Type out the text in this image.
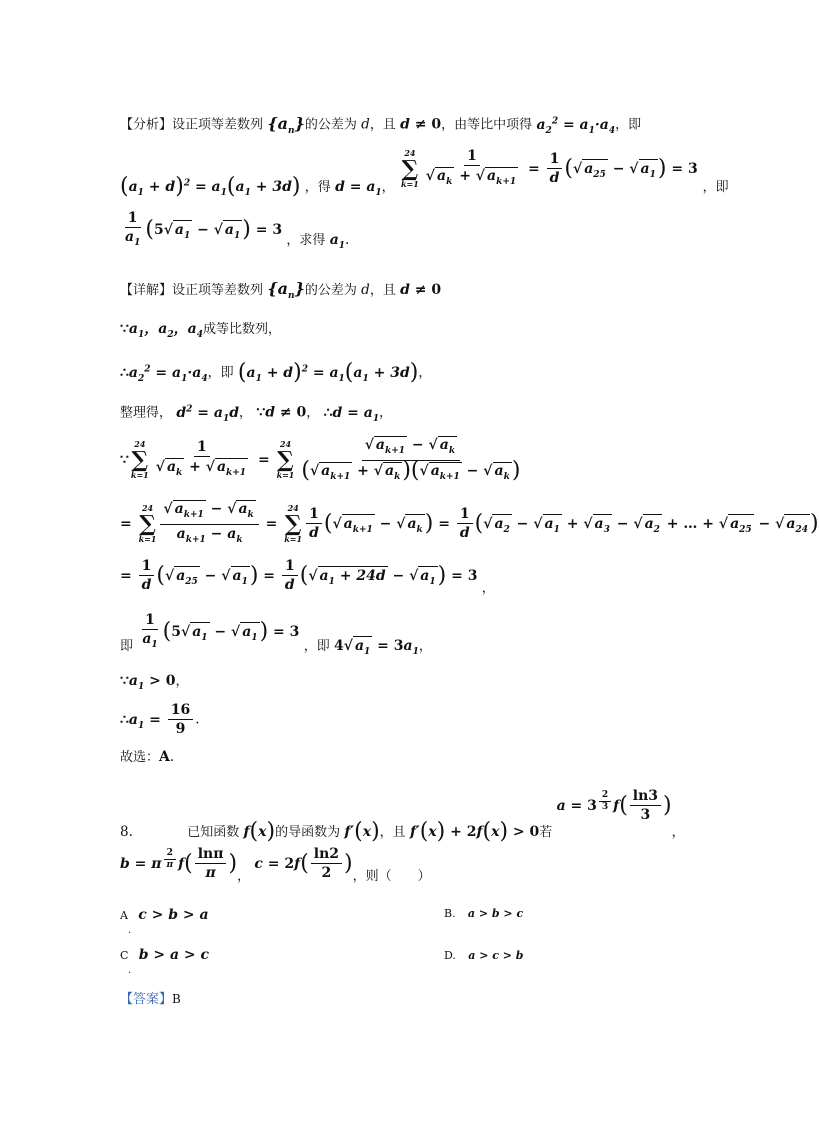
【分析】设正项等差数列 $\{a_n\}$的公差为 d，且 d ≠ 0，由等比中项得 $a_2^2 = a_1\cdot a_4$，即
$(a_1 + d)^2 = a_1(a_1 + 3d)$ ，得 $d = a_1$，
24
∑
$k=1 \frac{1}{√ a_k + √ a_{k+1}} = \frac{1}{d}$ (√ $a_{25}$ − √ $a_1) = 3$ ，即
$\frac{1}{a_1} (5√$ $a_1$ − √ $a_1) = 3$ ，求得 $a_1$.
【详解】设正项等差数列 $\{a_n\}$的公差为 d，且 d ≠ 0
$\because a_1$，$a_2$，$a_4$成等比数列，
$\therefore a_2^2 = a_1\cdot a_4$，即 $(a_1 + d)^2 = a_1(a_1 + 3d)$，
整理得， $d^2 = a_1d$， ∵d ≠ 0， ∴d = $a_1$，
∵
24
∑
$k=1 \frac{1}{√ a_k + √ a_{k+1}}$ =
24
∑
$k=1 \frac{√ a_{k+1} - √ a_k}{(√ a_{k+1} + √ a_k)(√ a_{k+1} - √ a_k)}$
=
24
∑
$k=1 \frac{√ a_{k+1} - √ a_k}{a_{k+1} - a_k}$ =
24
∑
$k=1 \frac{1}{d}$ (√ $a_{k+1}$ − √ $a_k) = \frac{1}{d}$ (√ $a_2$ − √ $a_1$ + √ $a_3$ − √ $a_2$ + … + √ $a_{25}$ − √ $a_{24}$)
= $\frac{1}{d}$ (√ $a_{25}$ − √ $a_1) = \frac{1}{d}$ (√ $a_1 + 24d$ − √ $a_1) = 3$ ，
即 $\frac{1}{a_1} (5√$ $a_1$ − √ $a_1) = 3$ ，即 4√ $a_1 = 3a_1$，
$\because a_1 > 0$，
$\therefore a_1 = \frac{16}{9}$ .
故选：A.
8.	已知函数 f(x)的导函数为 f′(x)，且 f′(x) + 2f(x) > 0若 a = 3 $^{\frac{2}{3}}$ $f( \frac{\ln 3}{3}$ )，
b = π $^{\frac{2}{\pi}}$ $f( \frac{\ln\pi}{\pi}$ )， $c = 2f( \frac{\ln 2}{2}$ )，则（　　）
A c > b > a
.
B. a > b > c
C b > a > c
.
D. a > c > b
【答案】B
